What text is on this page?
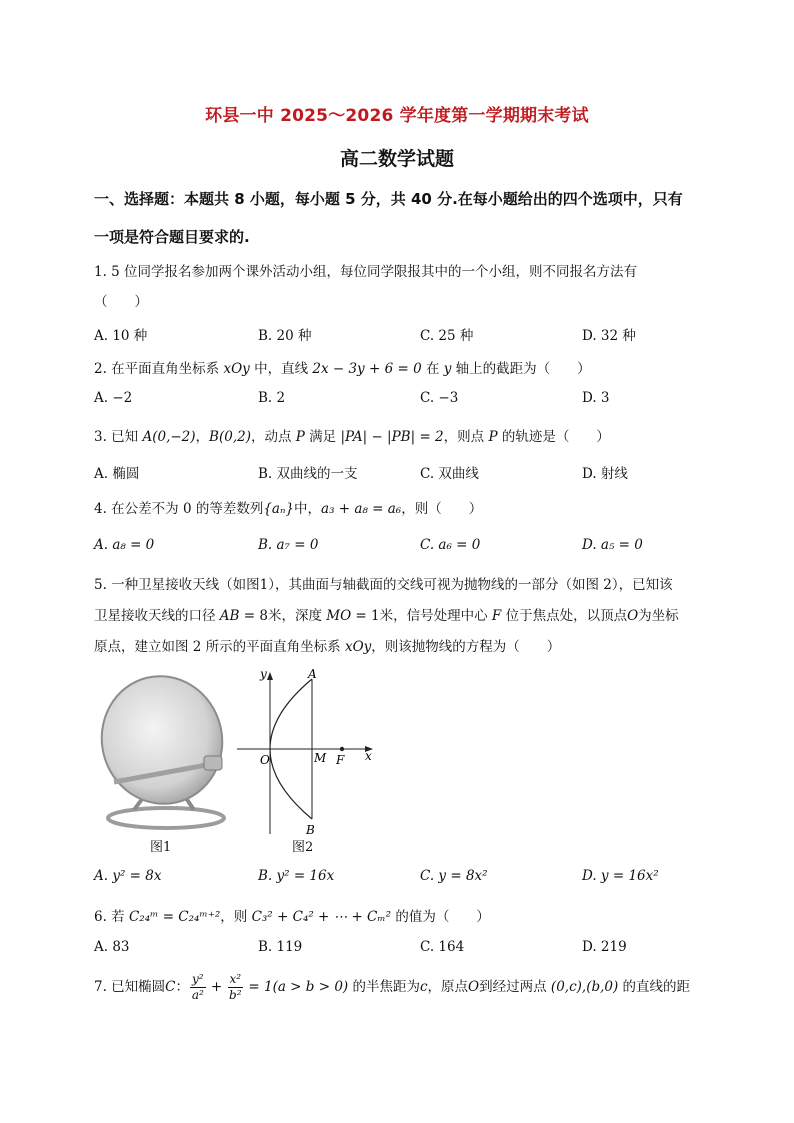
环县一中 2025～2026 学年度第一学期期末考试
高二数学试题
一、选择题：本题共 8 小题，每小题 5 分，共 40 分.在每小题给出的四个选项中，只有
一项是符合题目要求的.
1. 5 位同学报名参加两个课外活动小组，每位同学限报其中的一个小组，则不同报名方法有
（　　）
A. 10 种	B. 20 种	C. 25 种	D. 32 种
2. 在平面直角坐标系 xOy 中，直线 2x − 3y + 6 = 0 在 y 轴上的截距为（　　）
A. −2	B. 2	C. −3	D. 3
3. 已知 A(0,−2)，B(0,2)，动点 P 满足 |PA| − |PB| = 2，则点 P 的轨迹是（　　）
A. 椭圆	B. 双曲线的一支	C. 双曲线	D. 射线
4. 在公差不为 0 的等差数列{aₙ}中，a₃ + a₈ = a₆，则（　　）
A. a₈ = 0	B. a₇ = 0	C. a₆ = 0	D. a₅ = 0
5. 一种卫星接收天线（如图1），其曲面与轴截面的交线可视为抛物线的一部分（如图 2），已知该
卫星接收天线的口径 AB = 8米，深度 MO = 1米，信号处理中心 F 位于焦点处，以顶点O为坐标
原点，建立如图 2 所示的平面直角坐标系 xOy，则该抛物线的方程为（　　）
图1
y	A
O	M F x
B
图2
A. y² = 8x	B. y² = 16x	C. y = 8x²	D. y = 16x²
6. 若 C₂₄ᵐ = C₂₄ᵐ⁺²，则 C₃² + C₄² + ⋯ + Cₘ² 的值为（　　）
A. 83	B. 119	C. 164	D. 219
7. 已知椭圆C： $\frac{\text{y²}}{\text{a²}} + \frac{\text{x²}}{\text{b²}} = 1(a > b > 0)$ 的半焦距为c，原点O到经过两点 (0,c),(b,0) 的直线的距
